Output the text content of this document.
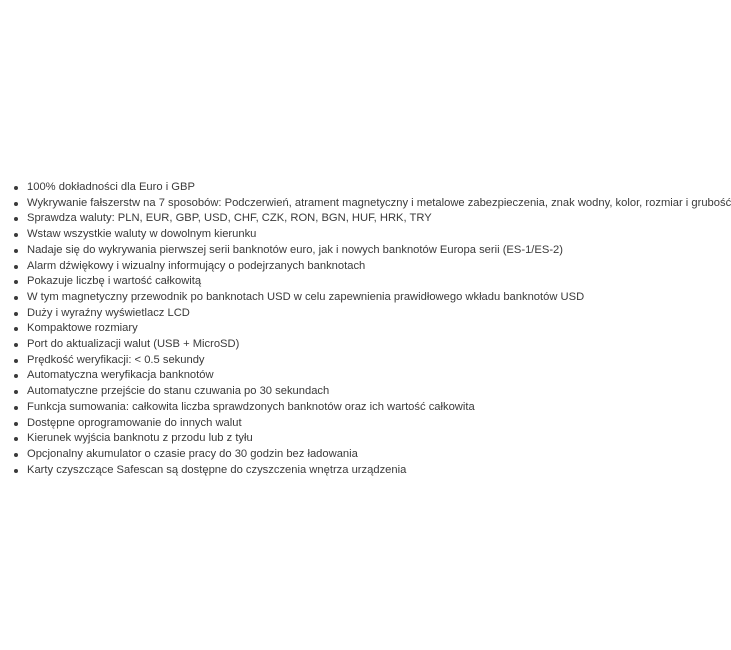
100% dokładności dla Euro i GBP
Wykrywanie fałszerstw na 7 sposobów: Podczerwień, atrament magnetyczny i metalowe zabezpieczenia, znak wodny, kolor, rozmiar i grubość
Sprawdza waluty: PLN, EUR, GBP, USD, CHF, CZK, RON, BGN, HUF, HRK, TRY
Wstaw wszystkie waluty w dowolnym kierunku
Nadaje się do wykrywania pierwszej serii banknotów euro, jak i nowych banknotów Europa serii (ES-1/ES-2)
Alarm dźwiękowy i wizualny informujący o podejrzanych banknotach
Pokazuje liczbę i wartość całkowitą
W tym magnetyczny przewodnik po banknotach USD w celu zapewnienia prawidłowego wkładu banknotów USD
Duży i wyraźny wyświetlacz LCD
Kompaktowe rozmiary
Port do aktualizacji walut (USB + MicroSD)
Prędkość weryfikacji: < 0.5 sekundy
Automatyczna weryfikacja banknotów
Automatyczne przejście do stanu czuwania po 30 sekundach
Funkcja sumowania: całkowita liczba sprawdzonych banknotów oraz ich wartość całkowita
Dostępne oprogramowanie do innych walut
Kierunek wyjścia banknotu z przodu lub z tyłu
Opcjonalny akumulator o czasie pracy do 30 godzin bez ładowania
Karty czyszczące Safescan są dostępne do czyszczenia wnętrza urządzenia
